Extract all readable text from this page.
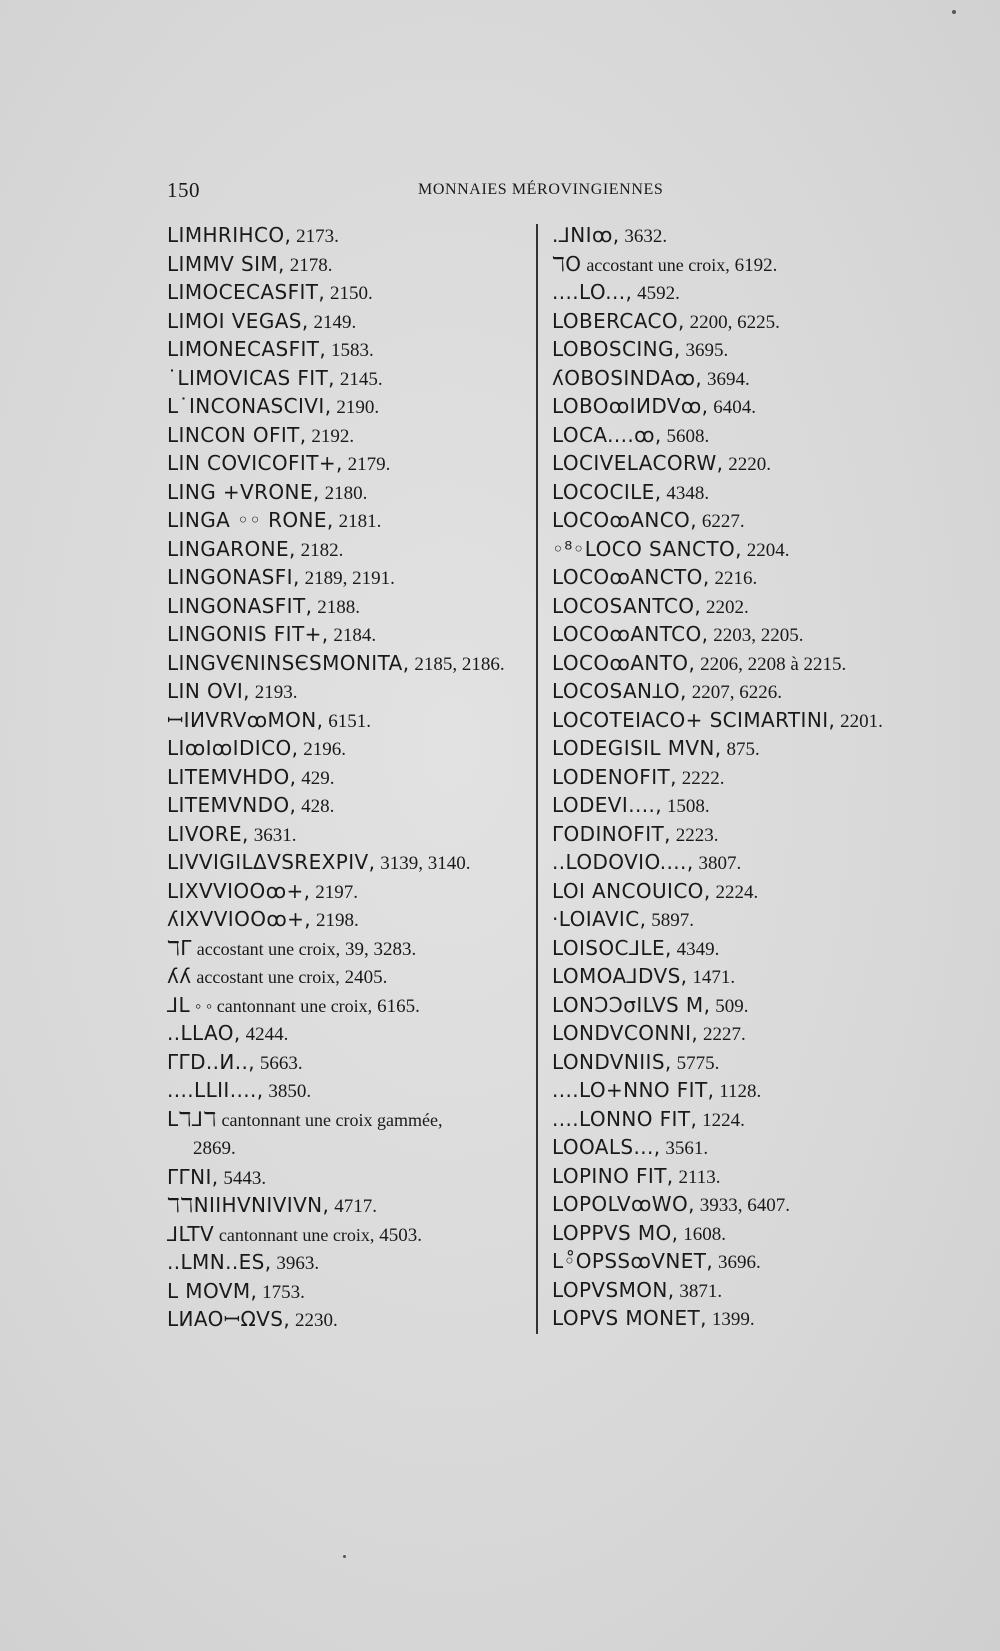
150	MONNAIES MÉROVINGIENNES
LIMHRIHCO, 2173.
LIMMV SIM, 2178.
LIMOCECASFIT, 2150.
LIMOI VEGAS, 2149.
LIMONECASFIT, 1583.
˙LIMOVICAS FIT, 2145.
L˙INCONASCIVI, 2190.
LINCON OFIT, 2192.
LIN COVICOFIT+, 2179.
LING +VRONE, 2180.
LINGA ◦◦ RONE, 2181.
LINGARONE, 2182.
LINGONASFI, 2189, 2191.
LINGONASFIT, 2188.
LINGONIS FIT+, 2184.
LINGVЄNINSЄSMONITA, 2185, 2186.
LIN OVI, 2193.
ꟷIИVRVꝏMON, 6151.
LIꝏIꝏIDICO, 2196.
LITEMVHDO, 429.
LITEMVNDO, 428.
LIVORE, 3631.
LIVVIGILΔVSREXPIV, 3139, 3140.
LIXVVIOOꝏ+, 2197.
ʎIXVVIOOꝏ+, 2198.
ℸΓ accostant une croix, 39, 3283.
ʎʎ accostant une croix, 2405.
⅃L ◦ ◦ cantonnant une croix, 6165.
..LLAO, 4244.
ΓΓD..И.., 5663.
....LLII...., 3850.
Lℸ⅃ℸ cantonnant une croix gammée,
2869.
ΓΓNI, 5443.
ℸℸNIIHVNIVIVN, 4717.
⅃LTV cantonnant une croix, 4503.
..LMN..ES, 3963.
L MOVM, 1753.
LИAOꟷΩVS, 2230.
.⅃NIꝏ, 3632.
ℸO accostant une croix, 6192.
....LO..., 4592.
LOBERCACO, 2200, 6225.
LOBOSCING, 3695.
ʎOBOSINDAꝏ, 3694.
LOBOꝏIИDVꝏ, 6404.
LOCA....ꝏ, 5608.
LOCIVELACORW, 2220.
LOCOCILE, 4348.
LOCOꝏANCO, 6227.
◦⁸◦LOCO SANCTO, 2204.
LOCOꝏANCTO, 2216.
LOCOSANTCO, 2202.
LOCOꝏANTCO, 2203, 2205.
LOCOꝏANTO, 2206, 2208 à 2215.
LOCOSANꞱO, 2207, 6226.
LOCOTEIACO+ SCIMARTINI, 2201.
LODEGISIL MVN, 875.
LODENOFIT, 2222.
LODEVI...., 1508.
ΓODINOFIT, 2223.
..LODOVIO...., 3807.
LOI ANCOUICO, 2224.
·LOIAVIC, 5897.
LOISOC⅃LE, 4349.
LOMOA⅃DVS, 1471.
LONƆƆσILVS M, 509.
LONDVCONNI, 2227.
LONDVNIIS, 5775.
....LO+NNO FIT, 1128.
....LONNO FIT, 1224.
LOOALS..., 3561.
LOPINO FIT, 2113.
LOPOLVꝏWO, 3933, 6407.
LOPPVS MO, 1608.
L◦̊OPSSꝏVNET, 3696.
LOPVSMON, 3871.
LOPVS MONET, 1399.
